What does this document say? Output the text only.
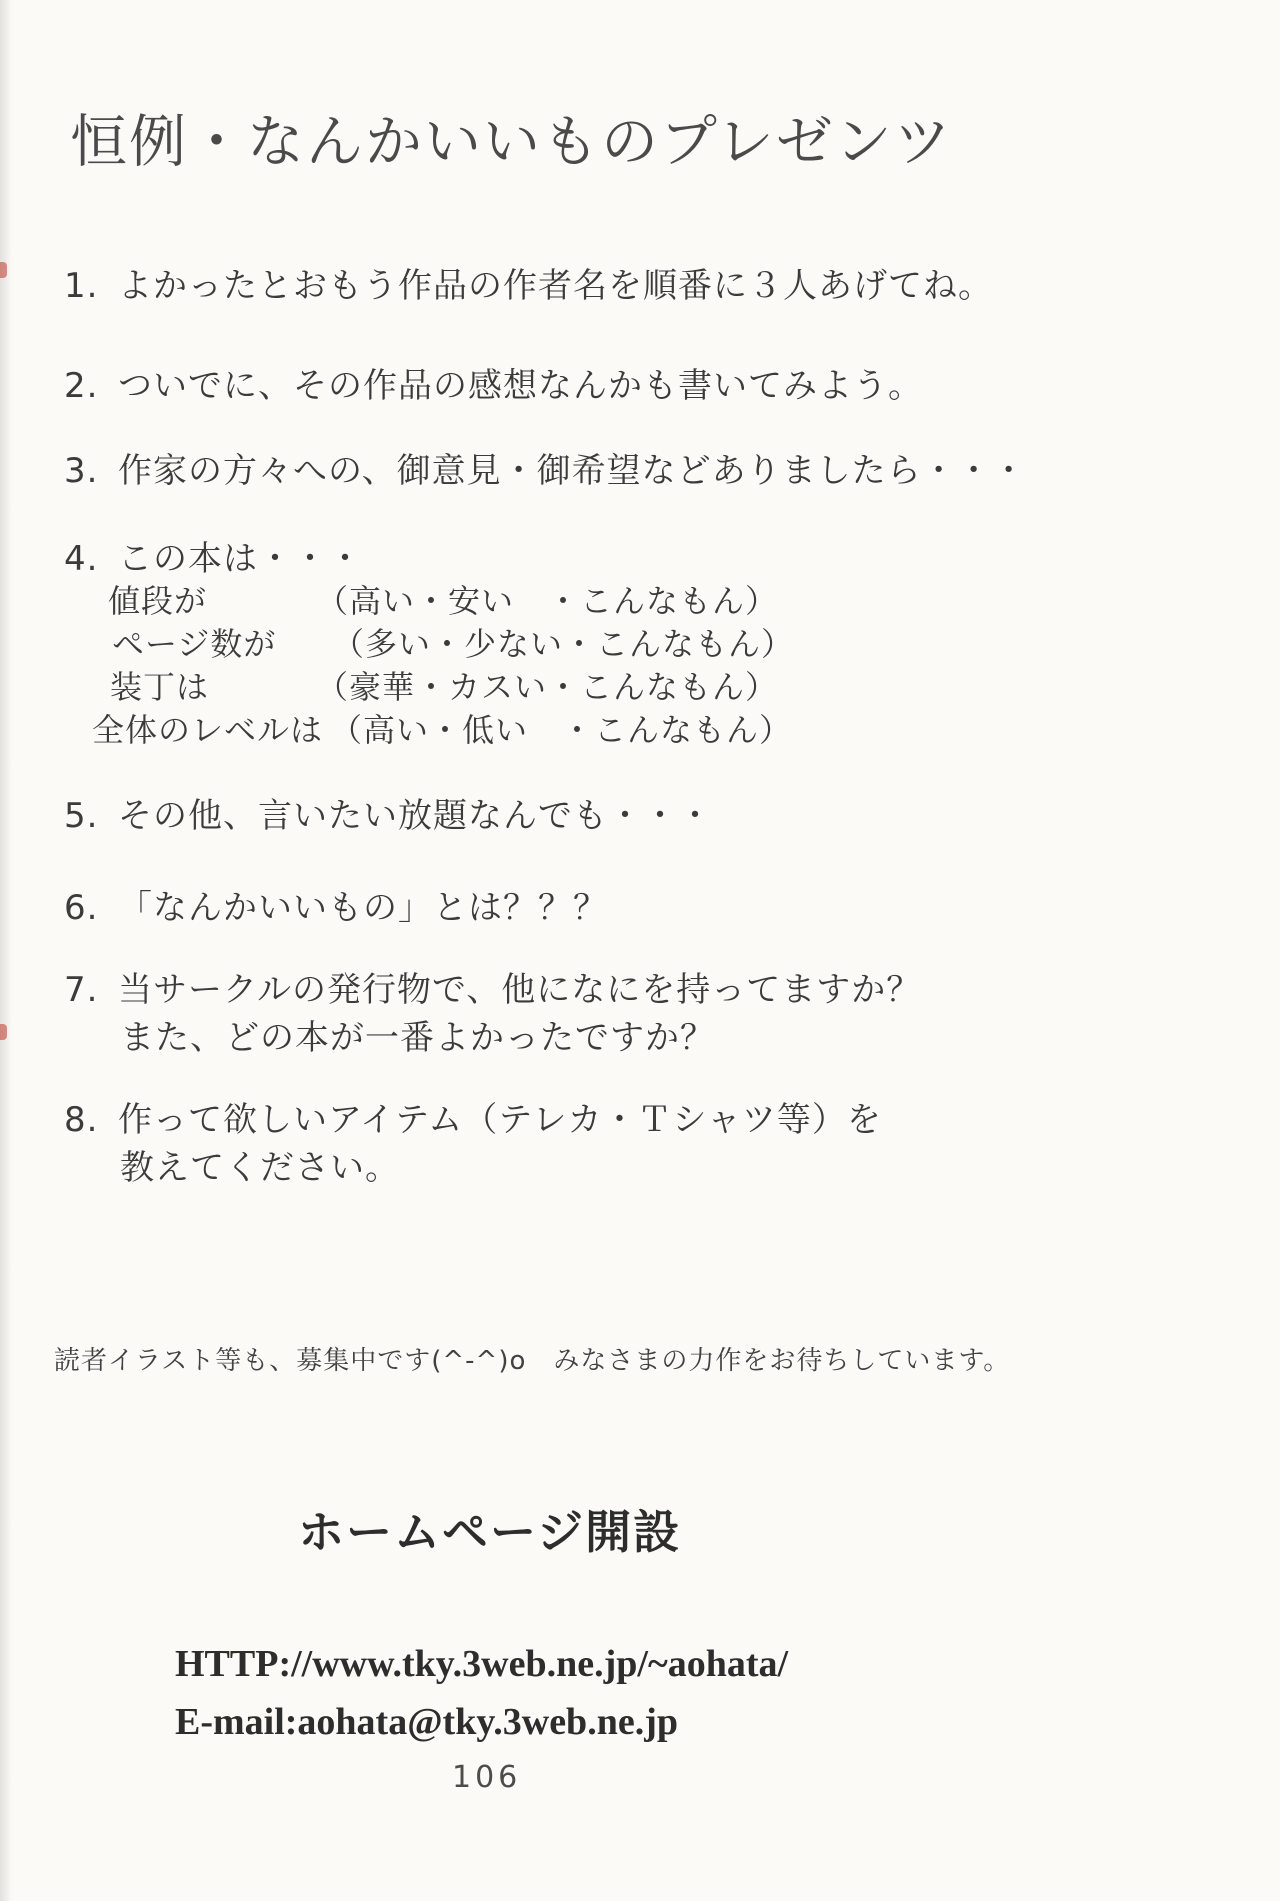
恒例・なんかいいものプレゼンツ
1. よかったとおもう作品の作者名を順番に３人あげてね。
2. ついでに、その作品の感想なんかも書いてみよう。
3. 作家の方々への、御意見・御希望などありましたら・・・
4. この本は・・・
値段が	（高い・安い　・こんなもん）
ページ数が （多い・少ない・こんなもん）
装丁は	（豪華・カスい・こんなもん）
全体のレベルは （高い・低い　・こんなもん）
5. その他、言いたい放題なんでも・・・
6. 「なんかいいもの」とは？？？
7. 当サークルの発行物で、他になにを持ってますか？
また、どの本が一番よかったですか？
8. 作って欲しいアイテム（テレカ・Ｔシャツ等）を
教えてください。
読者イラスト等も、募集中です(^-^)o　みなさまの力作をお待ちしています。
ホームページ開設
HTTP://www.tky.3web.ne.jp/~aohata/
E-mail:aohata@tky.3web.ne.jp
106
